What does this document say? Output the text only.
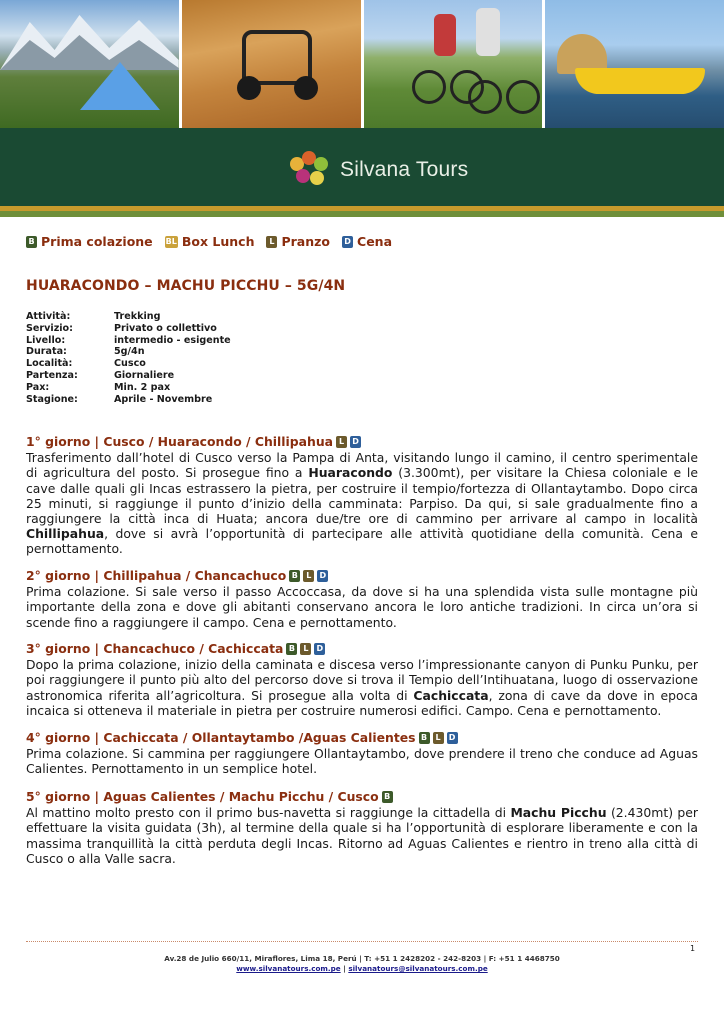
Silvana Tours
B Prima colazione BL Box Lunch	L Pranzo D Cena
HUARACONDO – MACHU PICCHU – 5G/4N
Attività:	Trekking
Servizio:	Privato o collettivo
Livello:	intermedio - esigente
Durata:	5g/4n
Località:	Cusco
Partenza:	Giornaliere
Pax:	Min. 2 pax
Stagione:	Aprile - Novembre
1° giorno | Cusco / Huaracondo / Chillipahua L	D

Trasferimento dall’hotel di Cusco verso la Pampa di Anta, visitando lungo il camino, il centro sperimentale di agricultura del posto. Si prosegue fino a Huaracondo (3.300mt), per visitare la Chiesa coloniale e le cave dalle quali gli Incas estrassero la pietra, per costruire il tempio/fortezza di Ollantaytambo. Dopo circa 25 minuti, si raggiunge il punto d’inizio della camminata: Parpiso. Da qui, si sale gradualmente fino a raggiungere la città inca di Huata; ancora due/tre ore di cammino per arrivare al campo in località Chillipahua, dove si avrà l’opportunità di partecipare alle attività quotidiane della comunità. Cena e pernottamento.

2° giorno | Chillipahua / Chancachuco B	L	D

Prima colazione. Si sale verso il passo Accoccasa, da dove si ha una splendida vista sulle montagne più importante della zona e dove gli abitanti conservano ancora le loro antiche tradizioni. In circa un’ora si scende fino a raggiungere il campo. Cena e pernottamento.

3° giorno | Chancachuco / Cachiccata B	L	D

Dopo la prima colazione, inizio della caminata e discesa verso l’impressionante canyon di Punku Punku, per poi raggiungere il punto più alto del percorso dove si trova il Tempio dell’Intihuatana, luogo di osservazione astronomica riferita all’agricoltura. Si prosegue alla volta di Cachiccata, zona di cave da dove in epoca incaica si otteneva il materiale in pietra per costruire numerosi edifici. Campo. Cena e pernottamento.

4° giorno | Cachiccata / Ollantaytambo /Aguas Calientes B	L	D

Prima colazione. Si cammina per raggiungere Ollantaytambo, dove prendere il treno che conduce ad Aguas Calientes. Pernottamento in un semplice hotel.

5° giorno | Aguas Calientes / Machu Picchu / Cusco B

Al mattino molto presto con il primo bus-navetta si raggiunge la cittadella di Machu Picchu (2.430mt) per effettuare la visita guidata (3h), al termine della quale si ha l’opportunità di esplorare liberamente e con la massima tranquillità la città perduta degli Incas. Ritorno ad Aguas Calientes e rientro in treno alla città di Cusco o alla Valle sacra.

1
Av.28 de Julio 660/11, Miraflores, Lima 18, Perú | T: +51 1 2428202 - 242-8203 | F: +51 1 4468750
www.silvanatours.com.pe | silvanatours@silvanatours.com.pe
